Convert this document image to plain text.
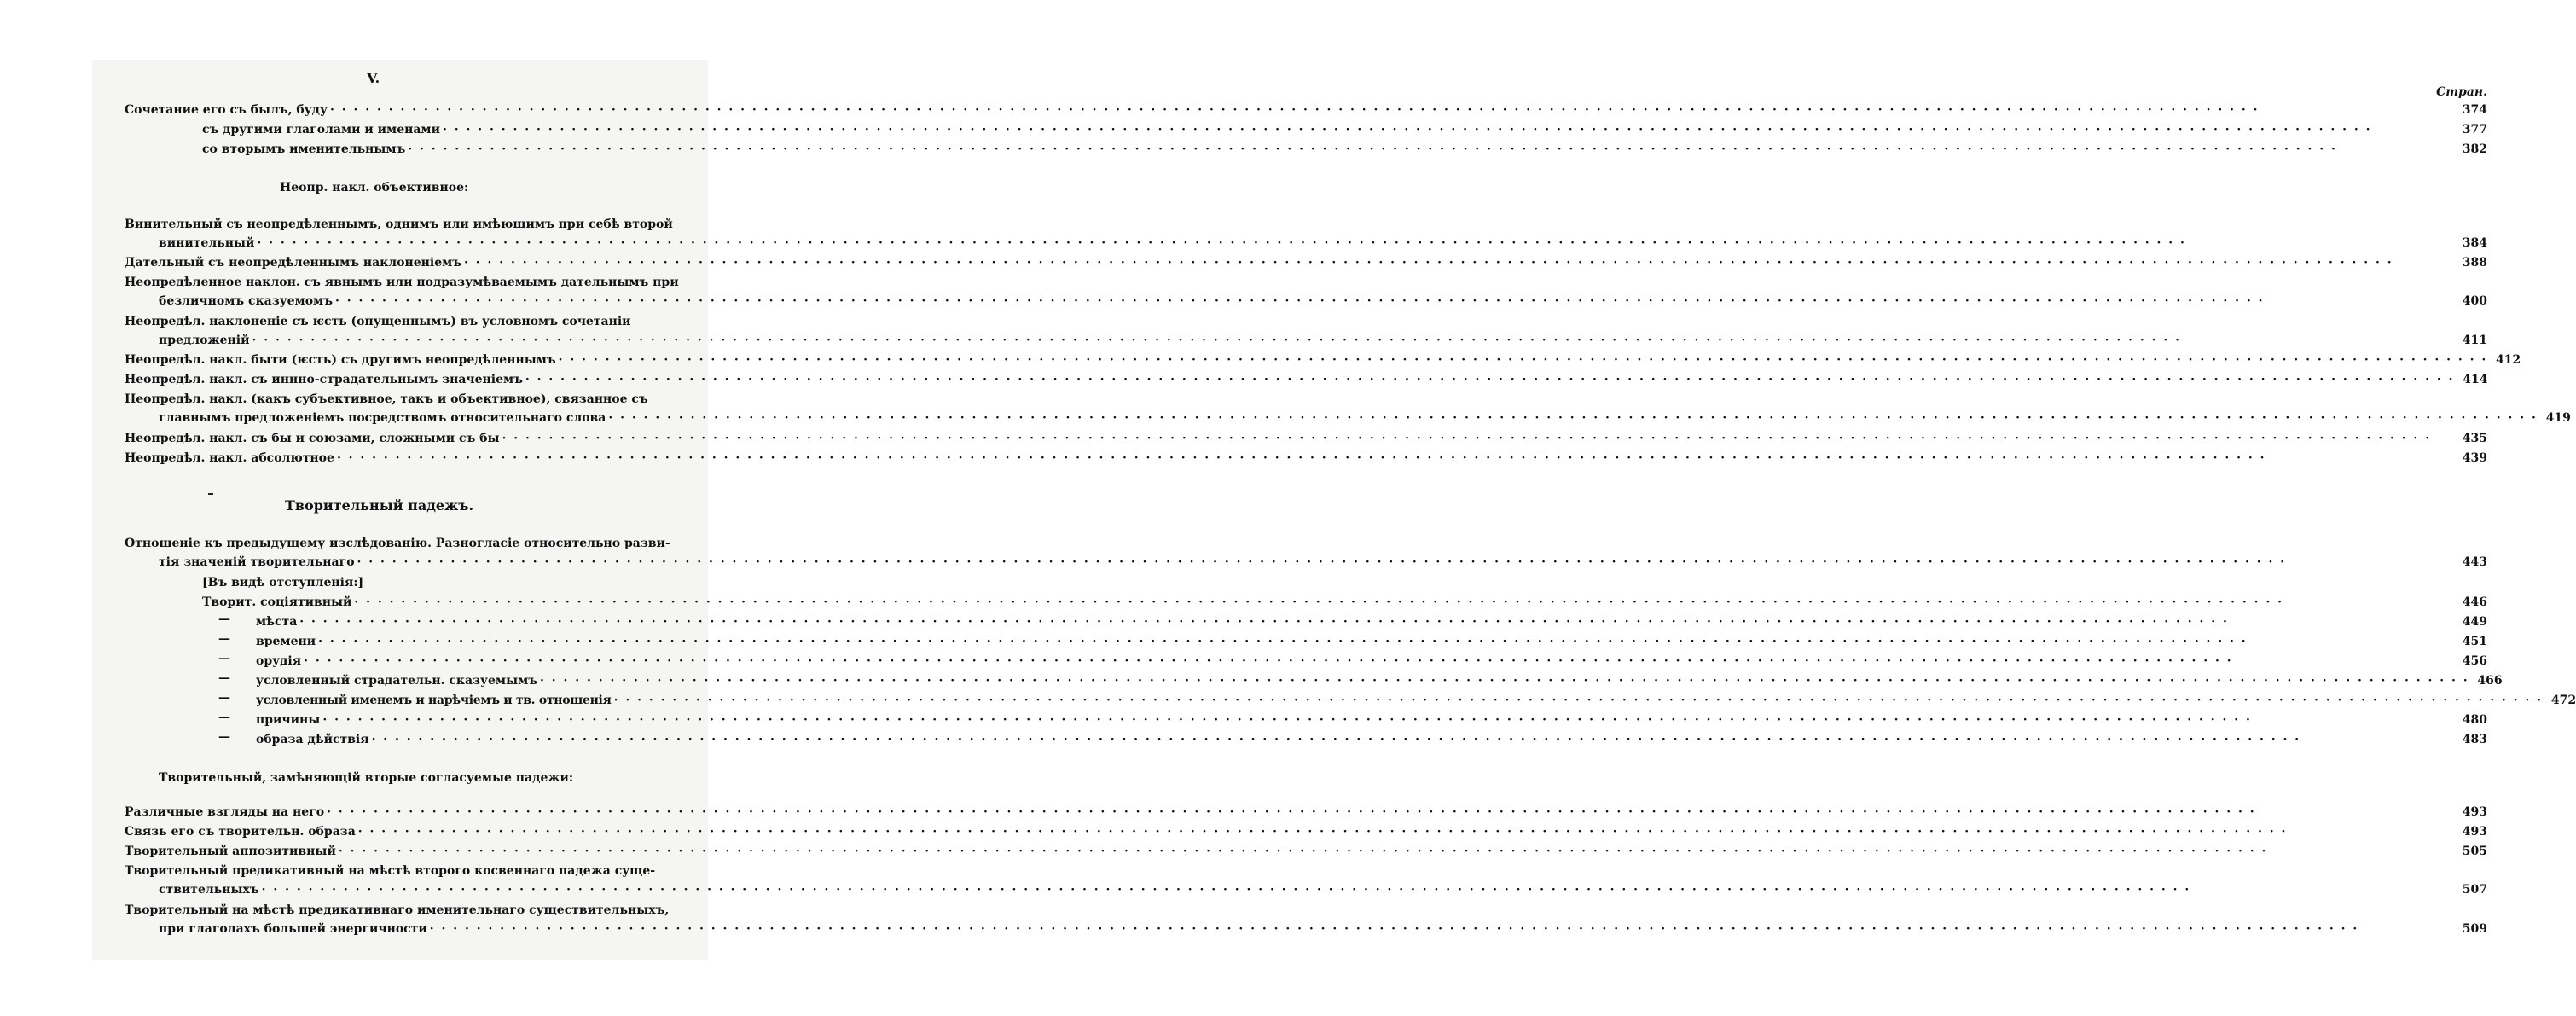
V.
Стран.
Сочетание его съ былъ, буду · · ·	374
съ другими глаголами и именами · · ·	377
со вторымъ именительнымъ · · ·	382
Неопр. накл. объективное:
Винительный съ неопредѣленнымъ, однимъ или имѣющимъ при себѣ второй
винительный · · ·	384
Дательный съ неопредѣленнымъ наклоненіемъ · · ·	388
Неопредѣленное наклон. съ явнымъ или подразумѣваемымъ дательнымъ при
безличномъ сказуемомъ · · ·	400
Неопредѣл. наклоненіе съ ѥсть (опущеннымъ) въ условномъ сочетаніи
предложеній · · ·	411
Неопредѣл. накл. быти (ѥсть) съ другимъ неопредѣленнымъ · · ·	412
Неопредѣл. накл. съ иннно-страдательнымъ значеніемъ · · ·	414
Неопредѣл. накл. (какъ субъективное, такъ и объективное), связанное съ
главнымъ предложеніемъ посредствомъ относительнаго слова · · ·	419
Неопредѣл. накл. съ бы и союзами, сложными съ бы · · ·	435
Неопредѣл. накл. абсолютное · · ·	439
Творительный падежъ.
Отношеніе къ предыдущему изслѣдованію. Разногласіе относительно разви-
тія значеній творительнаго · · ·	443
[Въ видѣ отступленія:]
Творит. соціятивный · · ·	446
— мѣста · · ·	449
— времени · · ·	451
— орудія · · ·	456
— условленный страдательн. сказуемымъ · · ·	466
— условленный именемъ и нарѣчіемъ и тв. отношенія · · ·	472
— причины · · ·	480
— образа дѣйствія · · ·	483
Творительный, замѣняющій вторые согласуемые падежи:
Различные взгляды на него · · ·	493
Связь его съ творительн. образа · · ·	493
Творительный аппозитивный · · ·	505
Творительный предикативный на мѣстѣ второго косвеннаго падежа суще-
ствительныхъ · · ·	507
Творительный на мѣстѣ предикативнаго именительнаго существительныхъ,
при глаголахъ большей энергичности · · ·	509
